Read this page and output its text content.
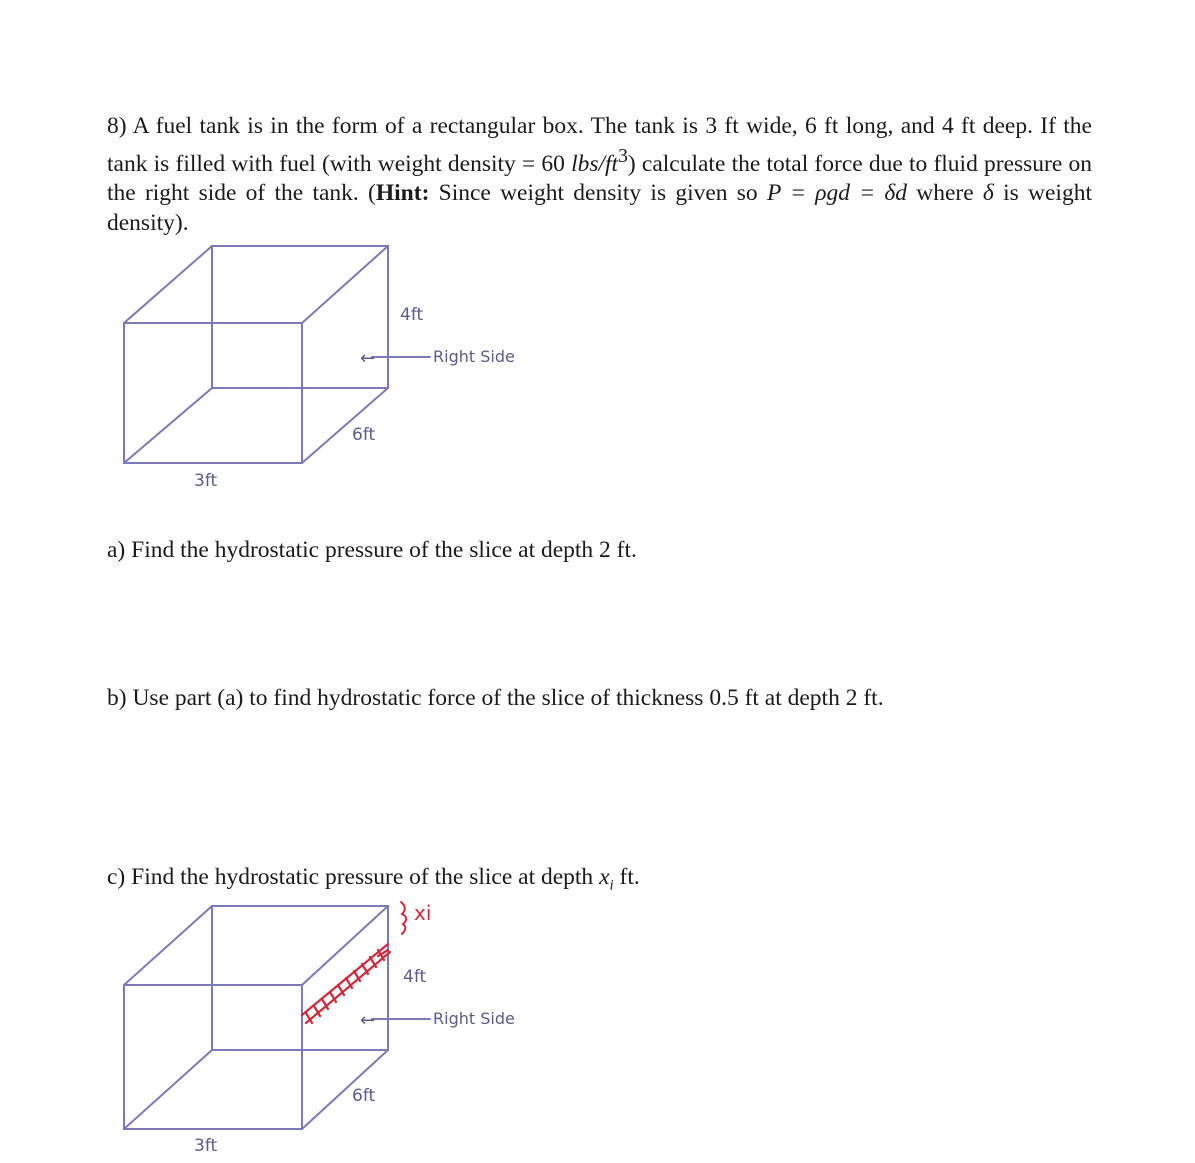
8) A fuel tank is in the form of a rectangular box. The tank is 3 ft wide, 6 ft long, and 4 ft deep. If the tank is filled with fuel (with weight density = 60 lbs/$ft^3$) calculate the total force due to fluid pressure on the right side of the tank. (Hint: Since weight density is given so P = ρgd = δd where δ is weight density).

←
4ft
Right Side
6ft
3ft

a) Find the hydrostatic pressure of the slice at depth 2 ft.

b) Use part (a) to find hydrostatic force of the slice of thickness 0.5 ft at depth 2 ft.

c) Find the hydrostatic pressure of the slice at depth $x_i$ ft.

xi
←
4ft
Right Side
6ft
3ft
